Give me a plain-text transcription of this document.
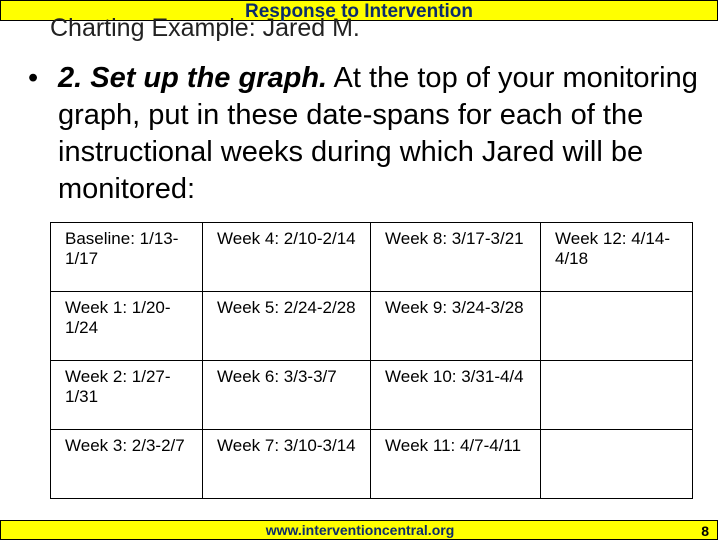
Response to Intervention
Charting Example: Jared M.
• 2. Set up the graph. At the top of your monitoring graph, put in these date-spans for each of the instructional weeks during which Jared will be monitored:
Baseline: 1/13-1/17	Week 4: 2/10-2/14	Week 8: 3/17-3/21	Week 12: 4/14-4/18
Week 1: 1/20-1/24	Week 5: 2/24-2/28	Week 9: 3/24-3/28	
Week 2: 1/27-1/31	Week 6: 3/3-3/7	Week 10: 3/31-4/4	
Week 3: 2/3-2/7	Week 7: 3/10-3/14	Week 11: 4/7-4/11	
www.interventioncentral.org	8
